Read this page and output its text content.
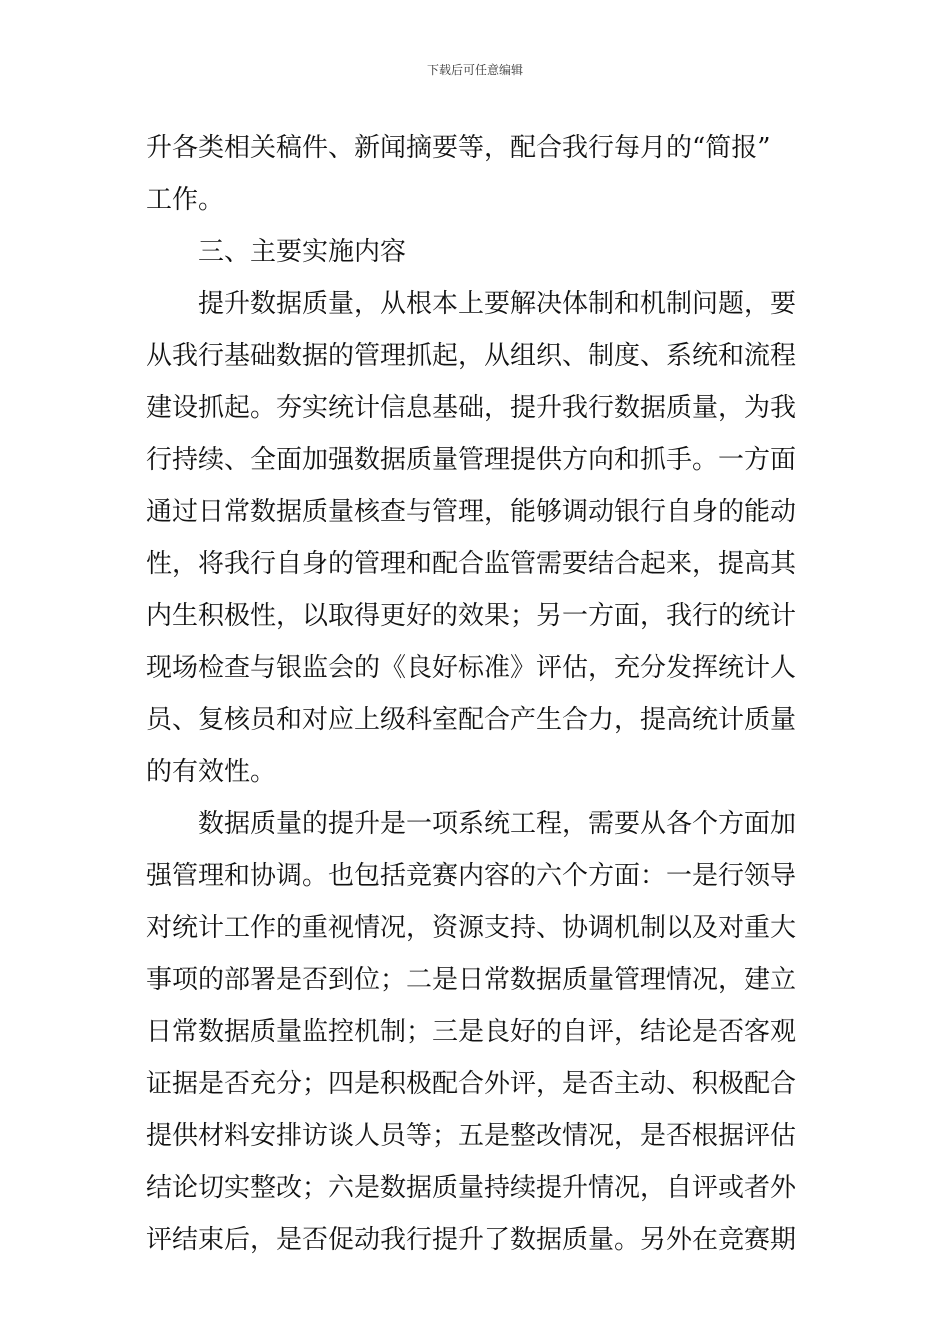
下载后可任意编辑
升各类相关稿件、新闻摘要等，配合我行每月的“简报”
工作。
三、主要实施内容
提升数据质量，从根本上要解决体制和机制问题，要
从我行基础数据的管理抓起，从组织、制度、系统和流程
建设抓起。夯实统计信息基础，提升我行数据质量，为我
行持续、全面加强数据质量管理提供方向和抓手。一方面
通过日常数据质量核查与管理，能够调动银行自身的能动
性，将我行自身的管理和配合监管需要结合起来，提高其
内生积极性，以取得更好的效果；另一方面，我行的统计
现场检查与银监会的《良好标准》评估，充分发挥统计人
员、复核员和对应上级科室配合产生合力，提高统计质量
的有效性。
数据质量的提升是一项系统工程，需要从各个方面加
强管理和协调。也包括竞赛内容的六个方面：一是行领导
对统计工作的重视情况，资源支持、协调机制以及对重大
事项的部署是否到位；二是日常数据质量管理情况，建立
日常数据质量监控机制；三是良好的自评，结论是否客观
证据是否充分；四是积极配合外评，是否主动、积极配合
提供材料安排访谈人员等；五是整改情况，是否根据评估
结论切实整改；六是数据质量持续提升情况，自评或者外
评结束后，是否促动我行提升了数据质量。另外在竞赛期
